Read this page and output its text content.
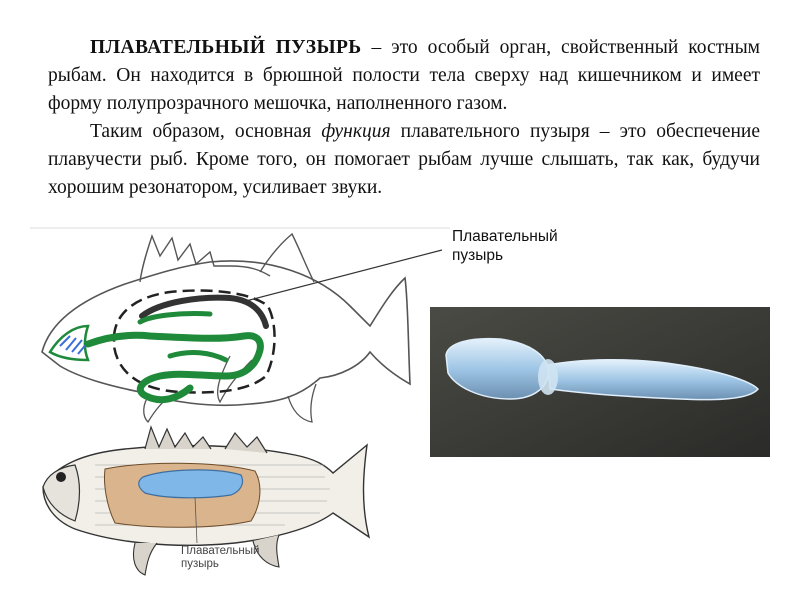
ПЛАВАТЕЛЬНЫЙ ПУЗЫРЬ – это особый орган, свойственный костным рыбам. Он находится в брюшной полости тела сверху над кишечником и имеет форму полупрозрачного мешочка, наполненного газом.

Таким образом, основная функция плавательного пузыря – это обеспечение плавучести рыб. Кроме того, он помогает рыбам лучше слышать, так как, будучи хорошим резонатором, усиливает звуки.

Плавательный
пузырь
Плавательный
пузырь
